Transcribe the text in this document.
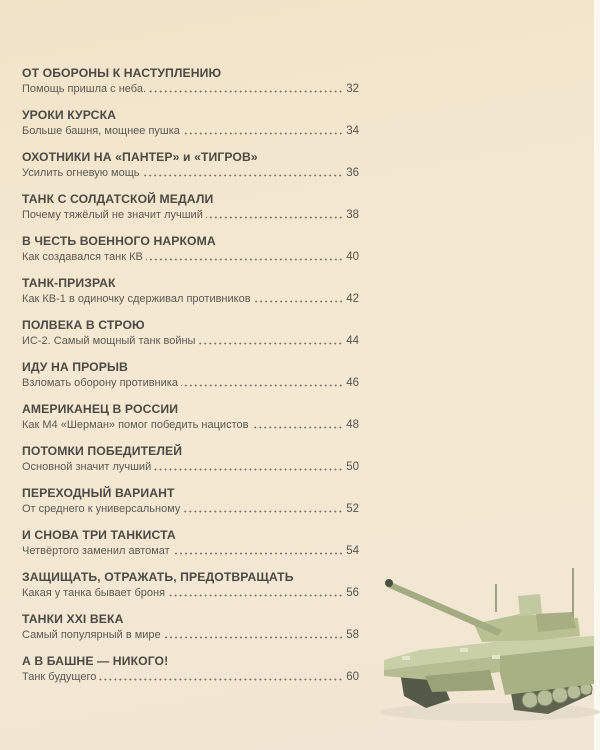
ОТ ОБОРОНЫ К НАСТУПЛЕНИЮ
Помощь пришла с неба.	32
УРОКИ КУРСКА
Больше башня, мощнее пушка	34
ОХОТНИКИ НА «ПАНТЕР» и «ТИГРОВ»
Усилить огневую мощь	36
ТАНК С СОЛДАТСКОЙ МЕДАЛИ
Почему тяжёлый не значит лучший	38
В ЧЕСТЬ ВОЕННОГО НАРКОМА
Как создавался танк КВ	40
ТАНК-ПРИЗРАК
Как КВ-1 в одиночку сдерживал противников	42
ПОЛВЕКА В СТРОЮ
ИС-2. Самый мощный танк войны	44
ИДУ НА ПРОРЫВ
Взломать оборону противника	46
АМЕРИКАНЕЦ В РОССИИ
Как М4 «Шерман» помог победить нацистов	48
ПОТОМКИ ПОБЕДИТЕЛЕЙ
Основной значит лучший	50
ПЕРЕХОДНЫЙ ВАРИАНТ
От среднего к универсальному	52
И СНОВА ТРИ ТАНКИСТА
Четвёртого заменил автомат	54
ЗАЩИЩАТЬ, ОТРАЖАТЬ, ПРЕДОТВРАЩАТЬ
Какая у танка бывает броня	56
ТАНКИ XXI ВЕКА
Самый популярный в мире	58
А В БАШНЕ — НИКОГО!
Танк будущего	60
